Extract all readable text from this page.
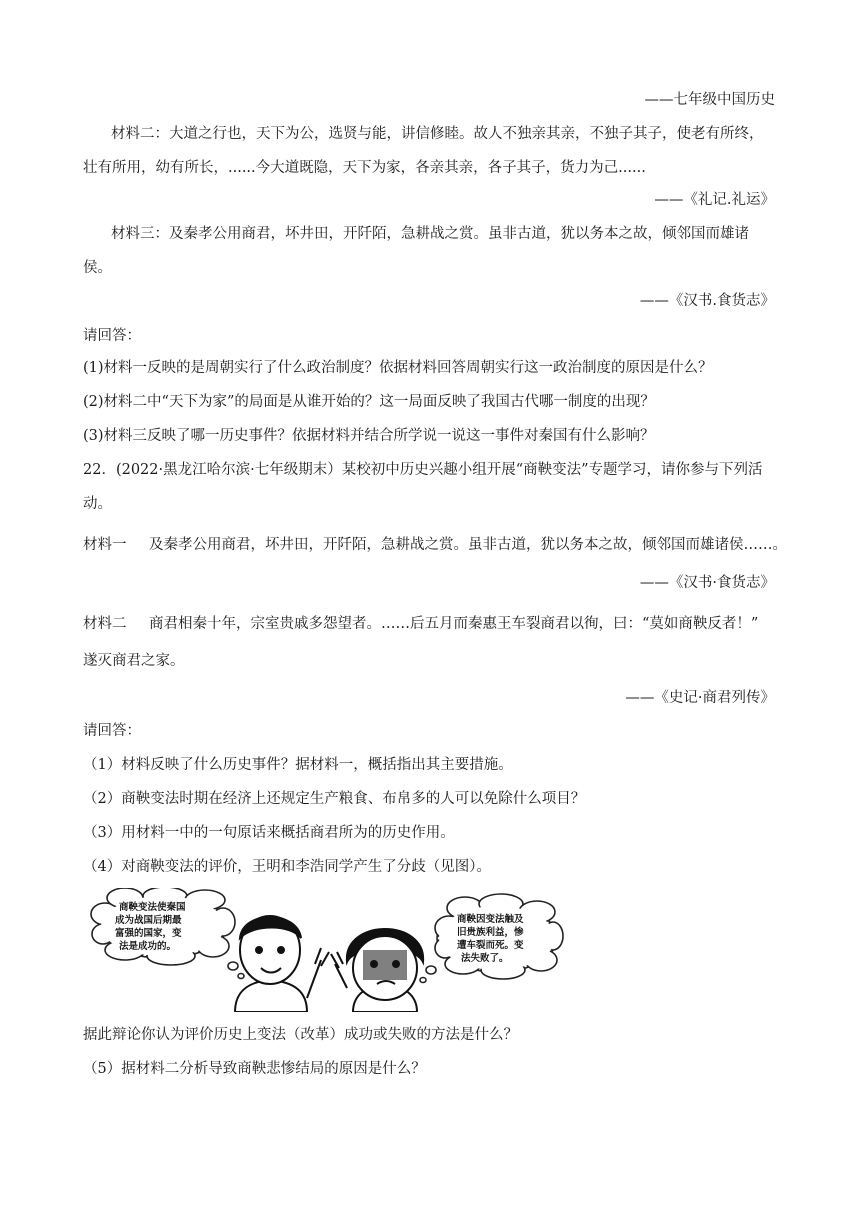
——七年级中国历史
材料二：大道之行也，天下为公，选贤与能，讲信修睦。故人不独亲其亲，不独子其子，使老有所终，
壮有所用，幼有所长，......今大道既隐，天下为家，各亲其亲，各子其子，货力为己......
——《礼记.礼运》
材料三：及秦孝公用商君，坏井田，开阡陌，急耕战之赏。虽非古道，犹以务本之故，倾邻国而雄诸
侯。
——《汉书.食货志》
请回答：
(1)材料一反映的是周朝实行了什么政治制度？依据材料回答周朝实行这一政治制度的原因是什么？
(2)材料二中“天下为家”的局面是从谁开始的？这一局面反映了我国古代哪一制度的出现？
(3)材料三反映了哪一历史事件？依据材料并结合所学说一说这一事件对秦国有什么影响？
22．(2022·黑龙江哈尔滨·七年级期末）某校初中历史兴趣小组开展“商鞅变法”专题学习，请你参与下列活
动。
材料一 及秦孝公用商君，坏井田，开阡陌，急耕战之赏。虽非古道，犹以务本之故，倾邻国而雄诸侯……。
——《汉书·食货志》
材料二 商君相秦十年，宗室贵戚多怨望者。……后五月而秦惠王车裂商君以徇，曰：“莫如商鞅反者！”
遂灭商君之家。
——《史记·商君列传》
请回答：
（1）材料反映了什么历史事件？据材料一，概括指出其主要措施。
（2）商鞅变法时期在经济上还规定生产粮食、布帛多的人可以免除什么项目？
（3）用材料一中的一句原话来概括商君所为的历史作用。
（4）对商鞅变法的评价，王明和李浩同学产生了分歧（见图）。
商鞅变法使秦国
成为战国后期最
富强的国家，变
法是成功的。
商鞅因变法触及
旧贵族利益，惨
遭车裂而死。变
法失败了。
据此辩论你认为评价历史上变法（改革）成功或失败的方法是什么？
（5）据材料二分析导致商鞅悲惨结局的原因是什么？
